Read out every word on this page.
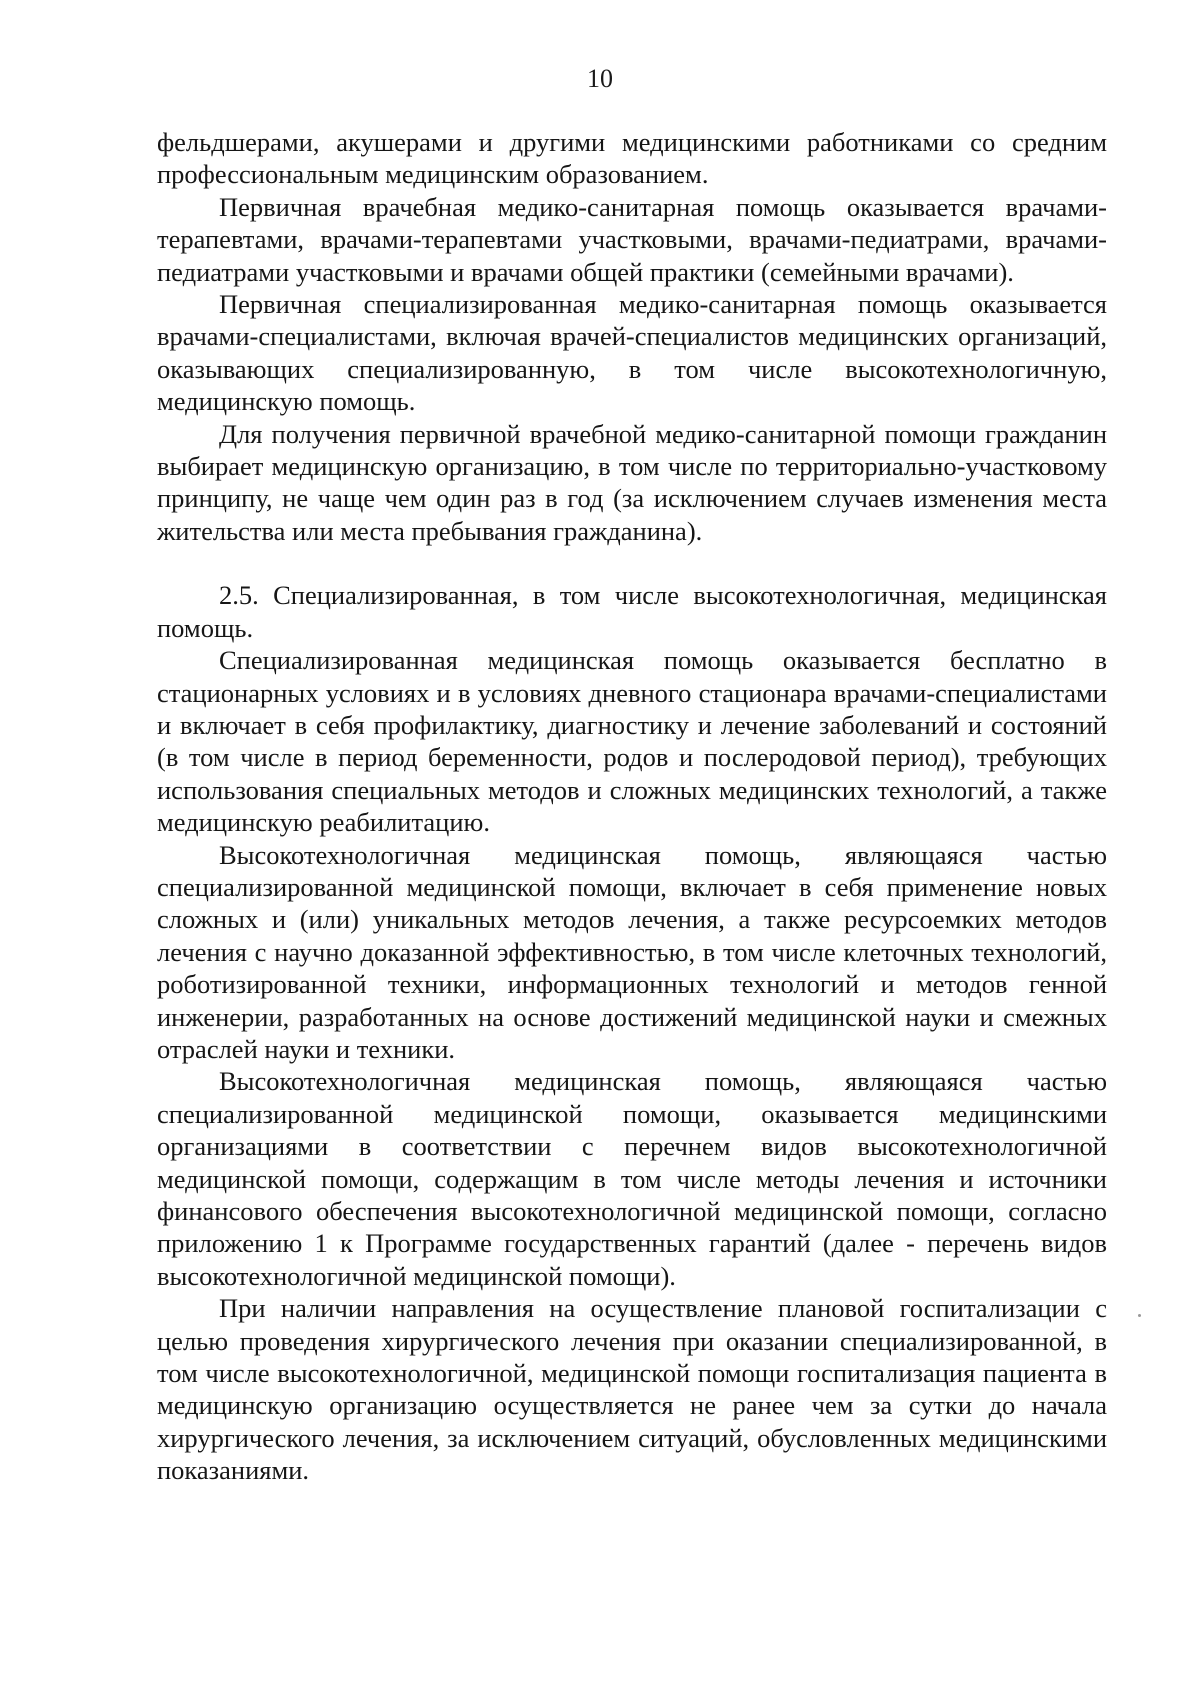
10

фельдшерами, акушерами и другими медицинскими работниками со средним профессиональным медицинским образованием.

Первичная врачебная медико-санитарная помощь оказывается врачами-терапевтами, врачами-терапевтами участковыми, врачами-педиатрами, врачами-педиатрами участковыми и врачами общей практики (семейными врачами).

Первичная специализированная медико-санитарная помощь оказывается врачами-специалистами, включая врачей-специалистов медицинских организаций, оказывающих специализированную, в том числе высокотехнологичную, медицинскую помощь.

Для получения первичной врачебной медико-санитарной помощи гражданин выбирает медицинскую организацию, в том числе по территориально-участковому принципу, не чаще чем один раз в год (за исключением случаев изменения места жительства или места пребывания гражданина).

2.5. Специализированная, в том числе высокотехнологичная, медицинская помощь.

Специализированная медицинская помощь оказывается бесплатно в стационарных условиях и в условиях дневного стационара врачами-специалистами и включает в себя профилактику, диагностику и лечение заболеваний и состояний (в том числе в период беременности, родов и послеродовой период), требующих использования специальных методов и сложных медицинских технологий, а также медицинскую реабилитацию.

Высокотехнологичная медицинская помощь, являющаяся частью специализированной медицинской помощи, включает в себя применение новых сложных и (или) уникальных методов лечения, а также ресурсоемких методов лечения с научно доказанной эффективностью, в том числе клеточных технологий, роботизированной техники, информационных технологий и методов генной инженерии, разработанных на основе достижений медицинской науки и смежных отраслей науки и техники.

Высокотехнологичная медицинская помощь, являющаяся частью специализированной медицинской помощи, оказывается медицинскими организациями в соответствии с перечнем видов высокотехнологичной медицинской помощи, содержащим в том числе методы лечения и источники финансового обеспечения высокотехнологичной медицинской помощи, согласно приложению 1 к Программе государственных гарантий (далее - перечень видов высокотехнологичной медицинской помощи).

При наличии направления на осуществление плановой госпитализации с целью проведения хирургического лечения при оказании специализированной, в том числе высокотехнологичной, медицинской помощи госпитализация пациента в медицинскую организацию осуществляется не ранее чем за сутки до начала хирургического лечения, за исключением ситуаций, обусловленных медицинскими показаниями.
